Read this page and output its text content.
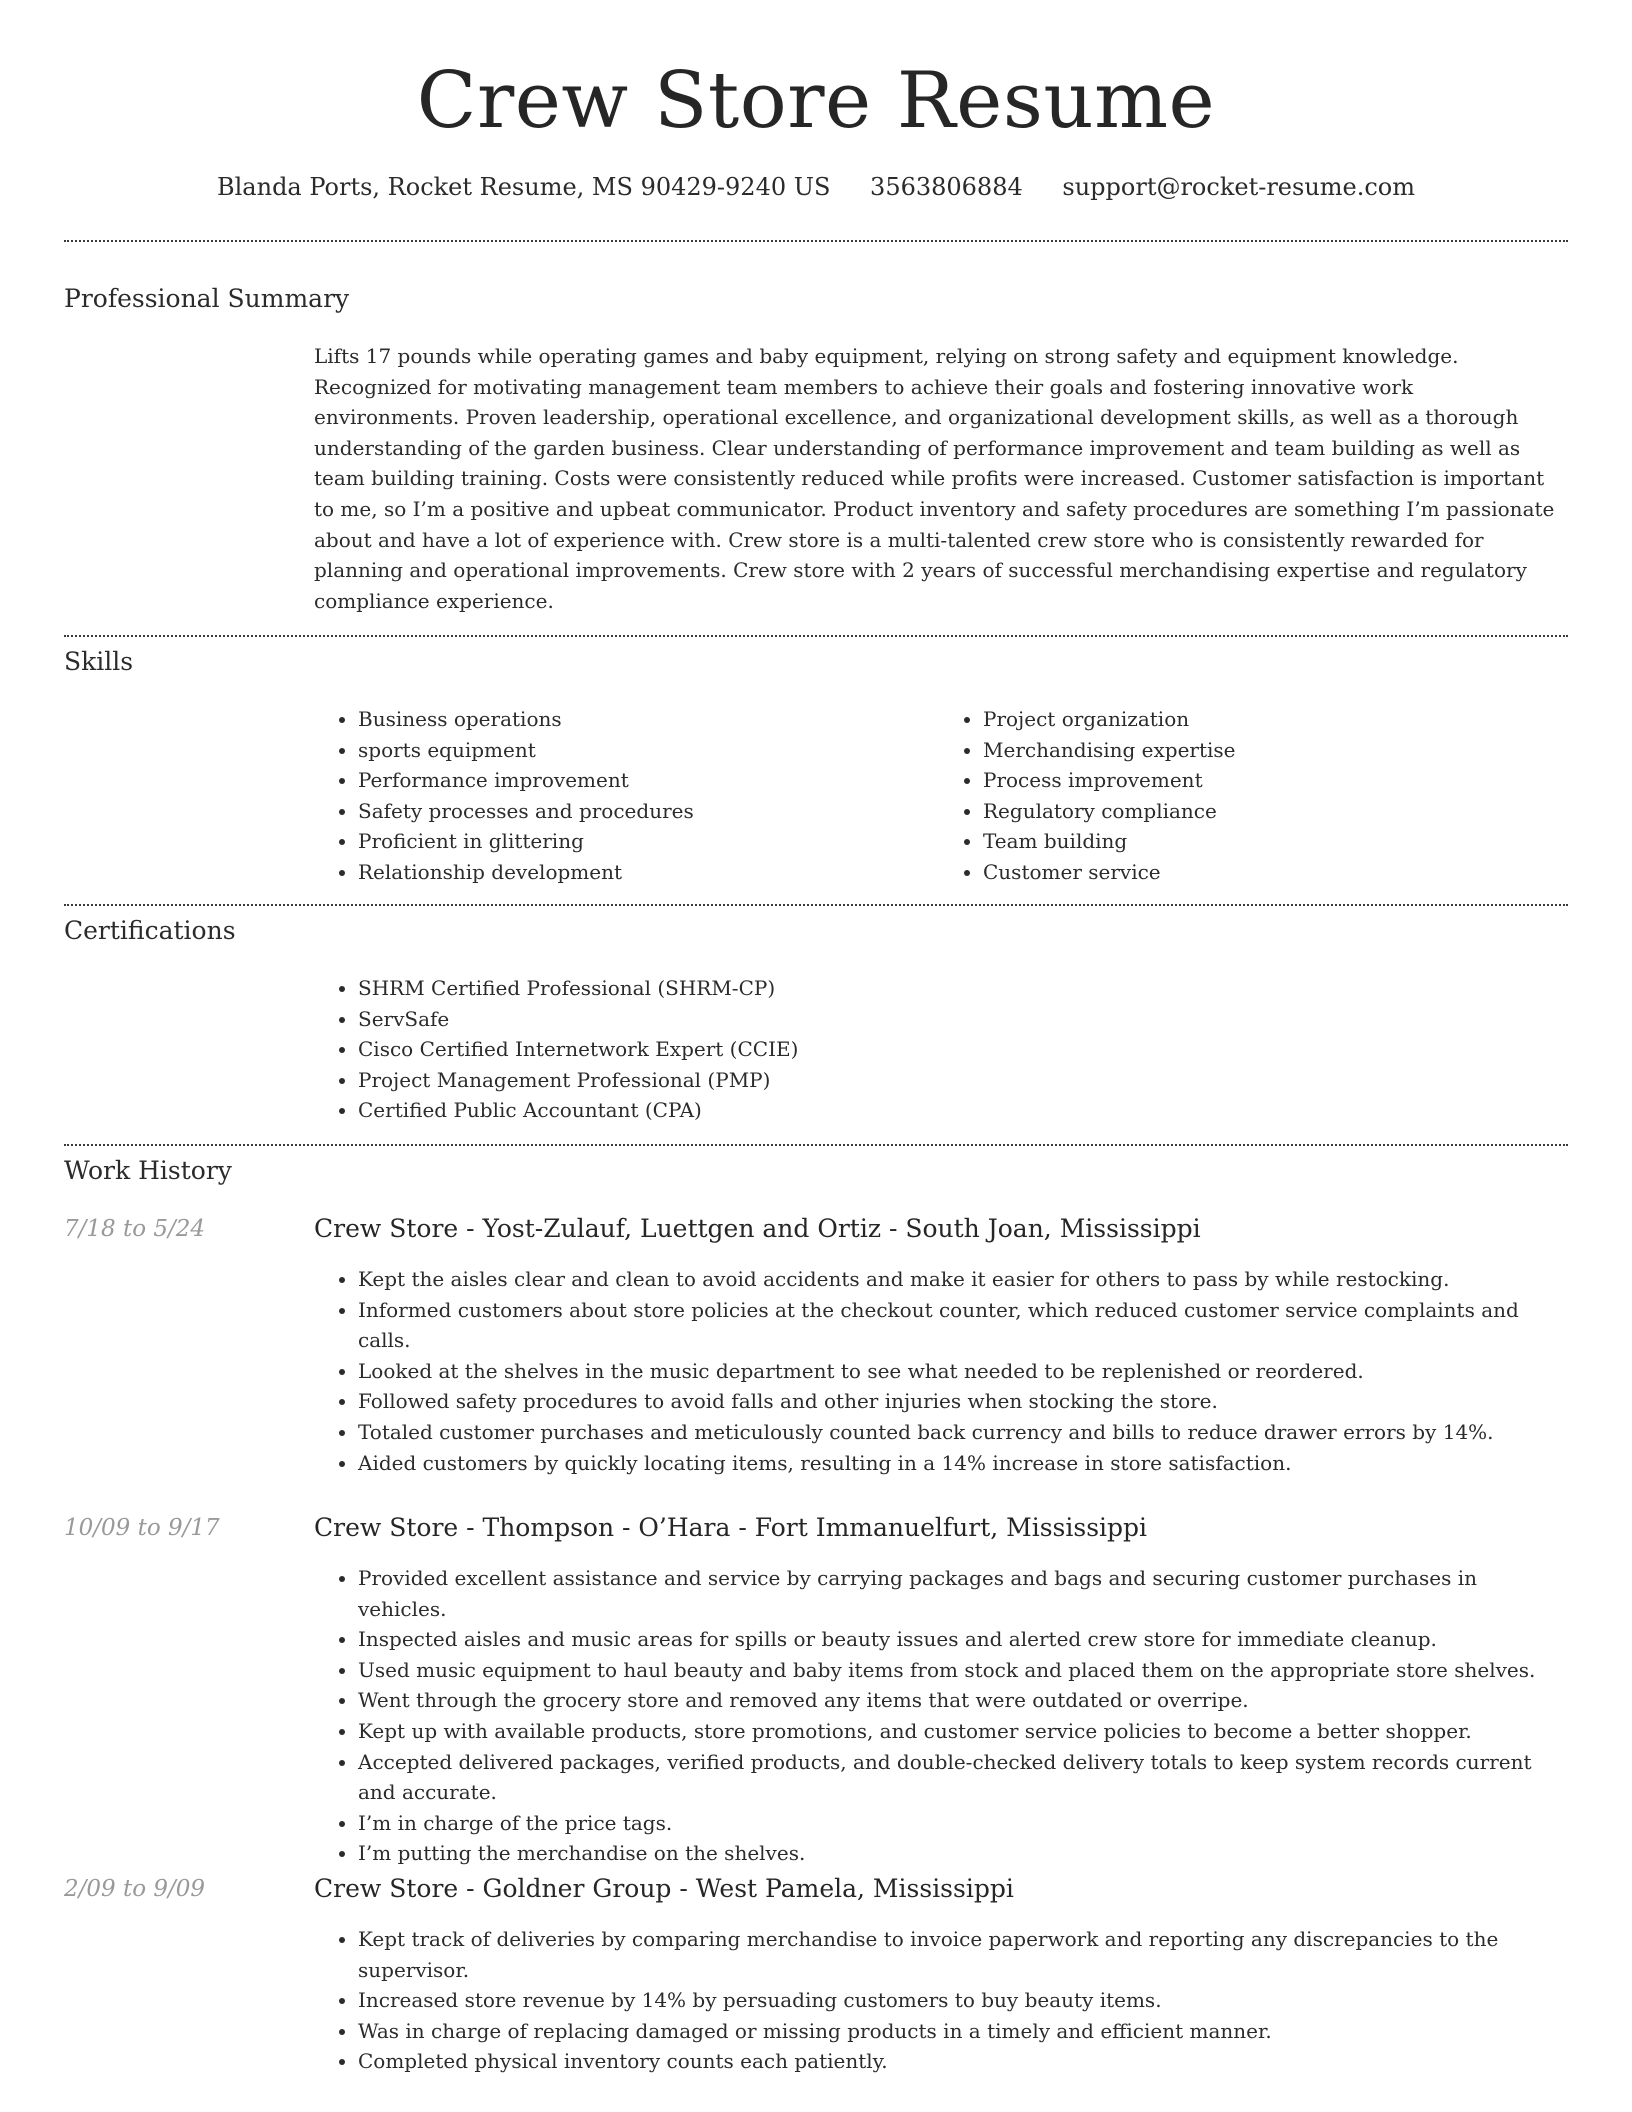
Crew Store Resume
Blanda Ports, Rocket Resume, MS 90429-9240 US 3563806884 support@rocket-resume.com
Professional Summary

Lifts 17 pounds while operating games and baby equipment, relying on strong safety and equipment knowledge. Recognized for motivating management team members to achieve their goals and fostering innovative work environments. Proven leadership, operational excellence, and organizational development skills, as well as a thorough understanding of the garden business. Clear understanding of performance improvement and team building as well as team building training. Costs were consistently reduced while profits were increased. Customer satisfaction is important to me, so I’m a positive and upbeat communicator. Product inventory and safety procedures are something I’m passionate about and have a lot of experience with. Crew store is a multi-talented crew store who is consistently rewarded for planning and operational improvements. Crew store with 2 years of successful merchandising expertise and regulatory compliance experience.

Skills
• Business operations
• sports equipment
• Performance improvement
• Safety processes and procedures
• Proficient in glittering
• Relationship development
• Project organization
• Merchandising expertise
• Process improvement
• Regulatory compliance
• Team building
• Customer service
Certifications
• SHRM Certified Professional (SHRM-CP)
• ServSafe
• Cisco Certified Internetwork Expert (CCIE)
• Project Management Professional (PMP)
• Certified Public Accountant (CPA)
Work History
7/18 to 5/24	Crew Store - Yost-Zulauf, Luettgen and Ortiz - South Joan, Mississippi
• Kept the aisles clear and clean to avoid accidents and make it easier for others to pass by while restocking.
• Informed customers about store policies at the checkout counter, which reduced customer service complaints and calls.
• Looked at the shelves in the music department to see what needed to be replenished or reordered.
• Followed safety procedures to avoid falls and other injuries when stocking the store.
• Totaled customer purchases and meticulously counted back currency and bills to reduce drawer errors by 14%.
• Aided customers by quickly locating items, resulting in a 14% increase in store satisfaction.
10/09 to 9/17	Crew Store - Thompson - O’Hara - Fort Immanuelfurt, Mississippi
• Provided excellent assistance and service by carrying packages and bags and securing customer purchases in vehicles.
• Inspected aisles and music areas for spills or beauty issues and alerted crew store for immediate cleanup.
• Used music equipment to haul beauty and baby items from stock and placed them on the appropriate store shelves.
• Went through the grocery store and removed any items that were outdated or overripe.
• Kept up with available products, store promotions, and customer service policies to become a better shopper.
• Accepted delivered packages, verified products, and double-checked delivery totals to keep system records current and accurate.
• I’m in charge of the price tags.
• I’m putting the merchandise on the shelves.
2/09 to 9/09	Crew Store - Goldner Group - West Pamela, Mississippi
• Kept track of deliveries by comparing merchandise to invoice paperwork and reporting any discrepancies to the supervisor.
• Increased store revenue by 14% by persuading customers to buy beauty items.
• Was in charge of replacing damaged or missing products in a timely and efficient manner.
• Completed physical inventory counts each patiently.
